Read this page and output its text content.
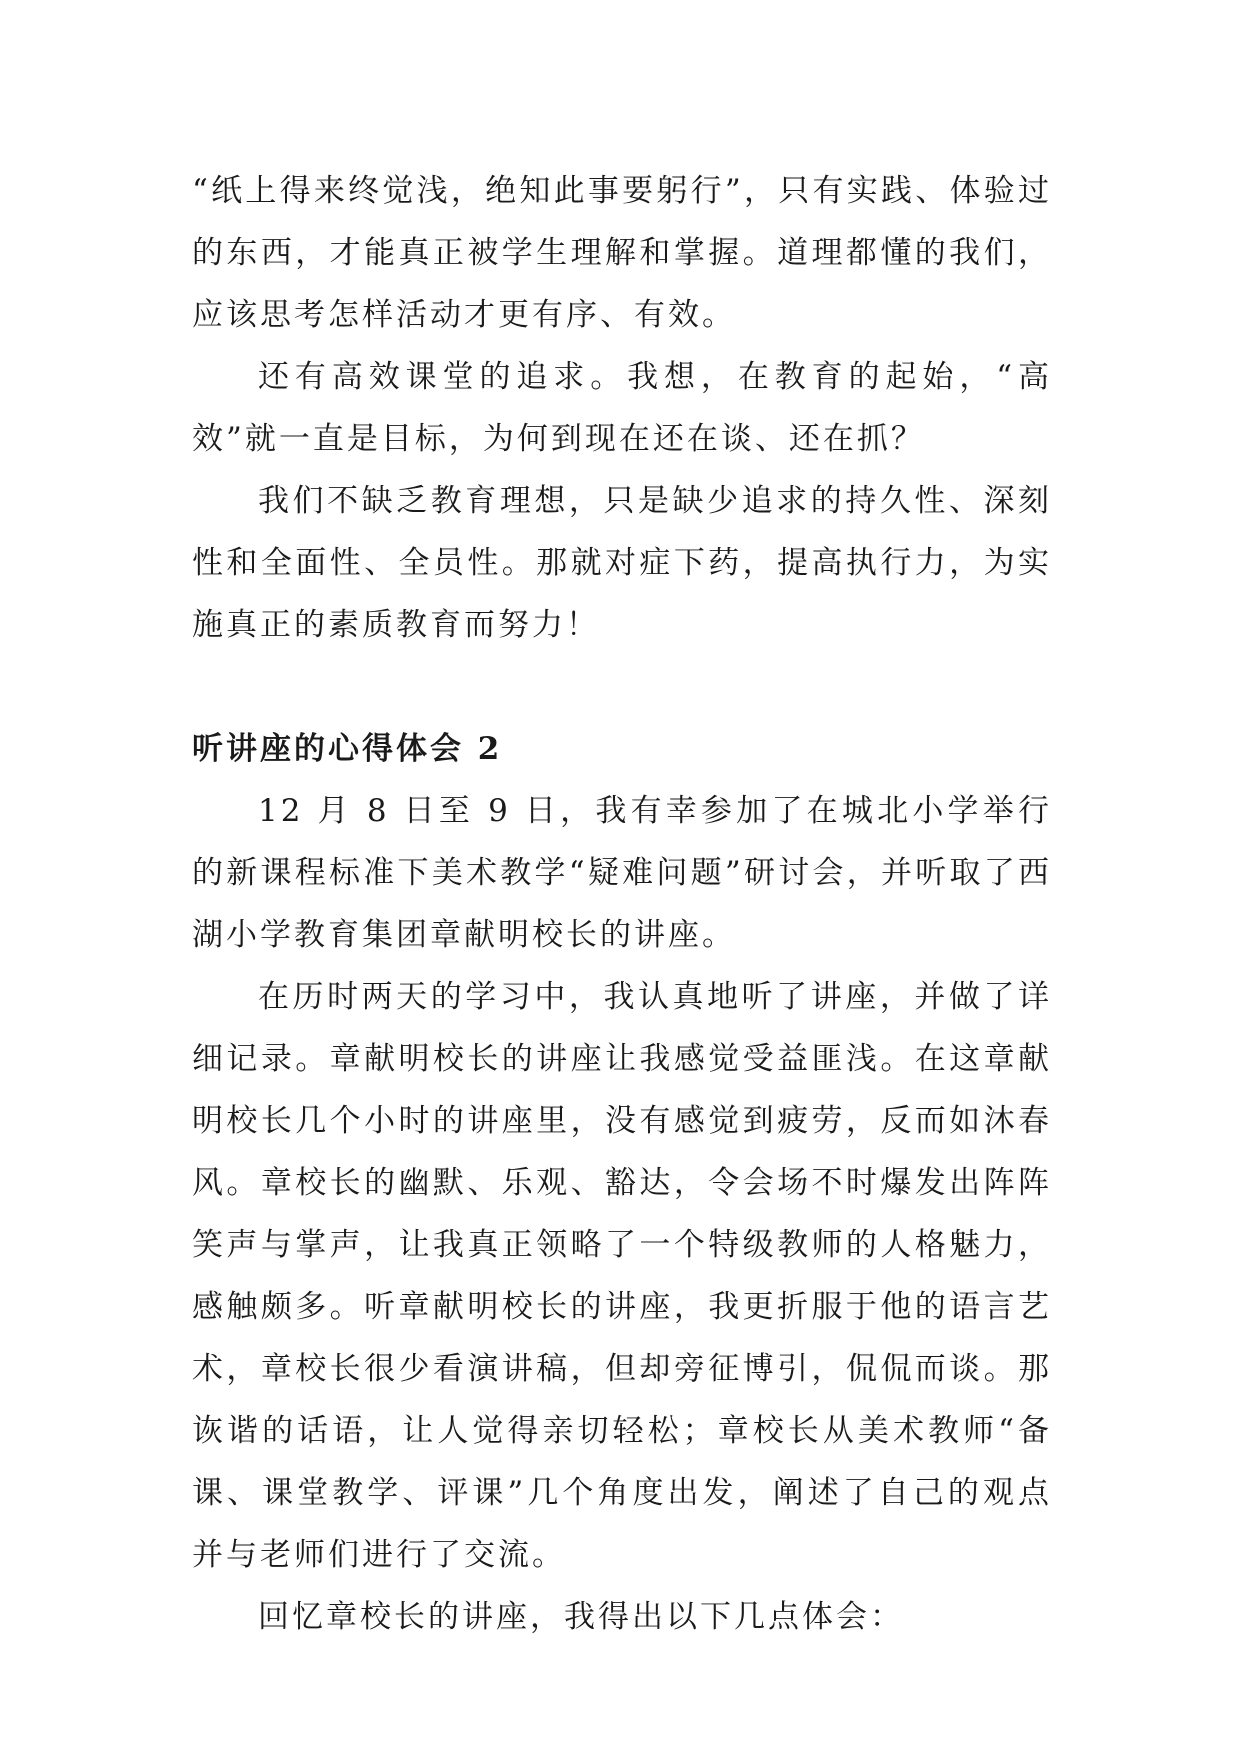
“纸上得来终觉浅，绝知此事要躬行”，只有实践、体验过的东西，才能真正被学生理解和掌握。道理都懂的我们，应该思考怎样活动才更有序、有效。

还有高效课堂的追求。我想，在教育的起始，“高效”就一直是目标，为何到现在还在谈、还在抓？

我们不缺乏教育理想，只是缺少追求的持久性、深刻性和全面性、全员性。那就对症下药，提高执行力，为实施真正的素质教育而努力！

听讲座的心得体会 2

12 月 8 日至 9 日，我有幸参加了在城北小学举行的新课程标准下美术教学“疑难问题”研讨会，并听取了西湖小学教育集团章献明校长的讲座。

在历时两天的学习中，我认真地听了讲座，并做了详细记录。章献明校长的讲座让我感觉受益匪浅。在这章献明校长几个小时的讲座里，没有感觉到疲劳，反而如沐春风。章校长的幽默、乐观、豁达，令会场不时爆发出阵阵笑声与掌声，让我真正领略了一个特级教师的人格魅力，感触颇多。听章献明校长的讲座，我更折服于他的语言艺术，章校长很少看演讲稿，但却旁征博引，侃侃而谈。那诙谐的话语，让人觉得亲切轻松；章校长从美术教师“备课、课堂教学、评课”几个角度出发，阐述了自己的观点并与老师们进行了交流。

回忆章校长的讲座，我得出以下几点体会：
